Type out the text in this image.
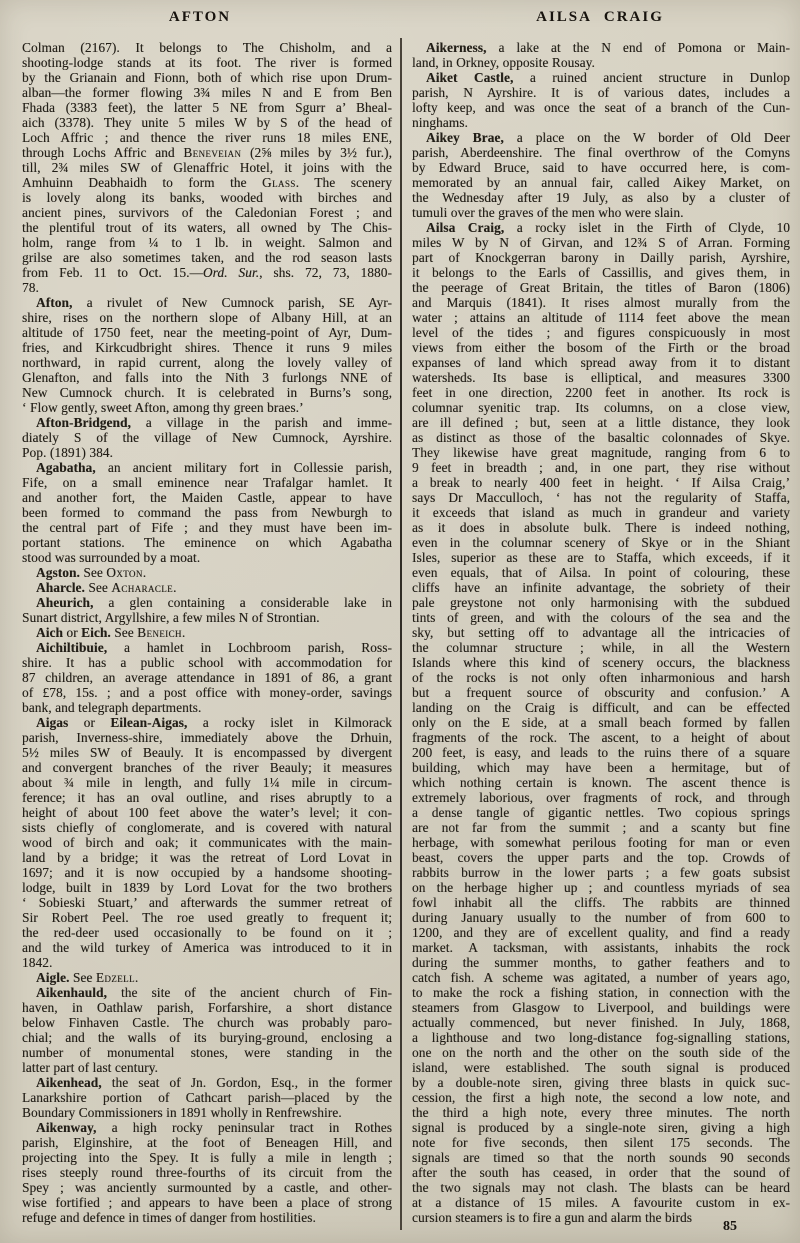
AFTON	AILSA CRAIG
Colman (2167). It belongs to The Chisholm, and a
shooting-lodge stands at its foot. The river is formed
by the Grianain and Fionn, both of which rise upon Drum-
alban—the former flowing 3¾ miles N and E from Ben
Fhada (3383 feet), the latter 5 NE from Sgurr a’ Bheal-
aich (3378). They unite 5 miles W by S of the head of
Loch Affric ; and thence the river runs 18 miles ENE,
through Lochs Affric and Beneveian (2⅝ miles by 3½ fur.),
till, 2¾ miles SW of Glenaffric Hotel, it joins with the
Amhuinn Deabhaidh to form the Glass. The scenery
is lovely along its banks, wooded with birches and
ancient pines, survivors of the Caledonian Forest ; and
the plentiful trout of its waters, all owned by The Chis-
holm, range from ¼ to 1 lb. in weight. Salmon and
grilse are also sometimes taken, and the rod season lasts
from Feb. 11 to Oct. 15.—Ord. Sur., shs. 72, 73, 1880-
78.
Afton, a rivulet of New Cumnock parish, SE Ayr-
shire, rises on the northern slope of Albany Hill, at an
altitude of 1750 feet, near the meeting-point of Ayr, Dum-
fries, and Kirkcudbright shires. Thence it runs 9 miles
northward, in rapid current, along the lovely valley of
Glenafton, and falls into the Nith 3 furlongs NNE of
New Cumnock church. It is celebrated in Burns’s song,
‘ Flow gently, sweet Afton, among thy green braes.’
Afton-Bridgend, a village in the parish and imme-
diately S of the village of New Cumnock, Ayrshire.
Pop. (1891) 384.
Agabatha, an ancient military fort in Collessie parish,
Fife, on a small eminence near Trafalgar hamlet. It
and another fort, the Maiden Castle, appear to have
been formed to command the pass from Newburgh to
the central part of Fife ; and they must have been im-
portant stations. The eminence on which Agabatha
stood was surrounded by a moat.
Agston. See Oxton.
Aharcle. See Acharacle.
Aheurich, a glen containing a considerable lake in
Sunart district, Argyllshire, a few miles N of Strontian.
Aich or Eich. See Beneich.
Aichiltibuie, a hamlet in Lochbroom parish, Ross-
shire. It has a public school with accommodation for
87 children, an average attendance in 1891 of 86, a grant
of £78, 15s. ; and a post office with money-order, savings
bank, and telegraph departments.
Aigas or Eilean-Aigas, a rocky islet in Kilmorack
parish, Inverness-shire, immediately above the Drhuin,
5½ miles SW of Beauly. It is encompassed by divergent
and convergent branches of the river Beauly; it measures
about ¾ mile in length, and fully 1¼ mile in circum-
ference; it has an oval outline, and rises abruptly to a
height of about 100 feet above the water’s level; it con-
sists chiefly of conglomerate, and is covered with natural
wood of birch and oak; it communicates with the main-
land by a bridge; it was the retreat of Lord Lovat in
1697; and it is now occupied by a handsome shooting-
lodge, built in 1839 by Lord Lovat for the two brothers
‘ Sobieski Stuart,’ and afterwards the summer retreat of
Sir Robert Peel. The roe used greatly to frequent it;
the red-deer used occasionally to be found on it ;
and the wild turkey of America was introduced to it in
1842.
Aigle. See Edzell.
Aikenhauld, the site of the ancient church of Fin-
haven, in Oathlaw parish, Forfarshire, a short distance
below Finhaven Castle. The church was probably paro-
chial; and the walls of its burying-ground, enclosing a
number of monumental stones, were standing in the
latter part of last century.
Aikenhead, the seat of Jn. Gordon, Esq., in the former
Lanarkshire portion of Cathcart parish—placed by the
Boundary Commissioners in 1891 wholly in Renfrewshire.
Aikenway, a high rocky peninsular tract in Rothes
parish, Elginshire, at the foot of Beneagen Hill, and
projecting into the Spey. It is fully a mile in length ;
rises steeply round three-fourths of its circuit from the
Spey ; was anciently surmounted by a castle, and other-
wise fortified ; and appears to have been a place of strong
refuge and defence in times of danger from hostilities.
Aikerness, a lake at the N end of Pomona or Main-
land, in Orkney, opposite Rousay.
Aiket Castle, a ruined ancient structure in Dunlop
parish, N Ayrshire. It is of various dates, includes a
lofty keep, and was once the seat of a branch of the Cun-
ninghams.
Aikey Brae, a place on the W border of Old Deer
parish, Aberdeenshire. The final overthrow of the Comyns
by Edward Bruce, said to have occurred here, is com-
memorated by an annual fair, called Aikey Market, on
the Wednesday after 19 July, as also by a cluster of
tumuli over the graves of the men who were slain.
Ailsa Craig, a rocky islet in the Firth of Clyde, 10
miles W by N of Girvan, and 12¾ S of Arran. Forming
part of Knockgerran barony in Dailly parish, Ayrshire,
it belongs to the Earls of Cassillis, and gives them, in
the peerage of Great Britain, the titles of Baron (1806)
and Marquis (1841). It rises almost murally from the
water ; attains an altitude of 1114 feet above the mean
level of the tides ; and figures conspicuously in most
views from either the bosom of the Firth or the broad
expanses of land which spread away from it to distant
watersheds. Its base is elliptical, and measures 3300
feet in one direction, 2200 feet in another. Its rock is
columnar syenitic trap. Its columns, on a close view,
are ill defined ; but, seen at a little distance, they look
as distinct as those of the basaltic colonnades of Skye.
They likewise have great magnitude, ranging from 6 to
9 feet in breadth ; and, in one part, they rise without
a break to nearly 400 feet in height. ‘ If Ailsa Craig,’
says Dr Macculloch, ‘ has not the regularity of Staffa,
it exceeds that island as much in grandeur and variety
as it does in absolute bulk. There is indeed nothing,
even in the columnar scenery of Skye or in the Shiant
Isles, superior as these are to Staffa, which exceeds, if it
even equals, that of Ailsa. In point of colouring, these
cliffs have an infinite advantage, the sobriety of their
pale greystone not only harmonising with the subdued
tints of green, and with the colours of the sea and the
sky, but setting off to advantage all the intricacies of
the columnar structure ; while, in all the Western
Islands where this kind of scenery occurs, the blackness
of the rocks is not only often inharmonious and harsh
but a frequent source of obscurity and confusion.’ A
landing on the Craig is difficult, and can be effected
only on the E side, at a small beach formed by fallen
fragments of the rock. The ascent, to a height of about
200 feet, is easy, and leads to the ruins there of a square
building, which may have been a hermitage, but of
which nothing certain is known. The ascent thence is
extremely laborious, over fragments of rock, and through
a dense tangle of gigantic nettles. Two copious springs
are not far from the summit ; and a scanty but fine
herbage, with somewhat perilous footing for man or even
beast, covers the upper parts and the top. Crowds of
rabbits burrow in the lower parts ; a few goats subsist
on the herbage higher up ; and countless myriads of sea
fowl inhabit all the cliffs. The rabbits are thinned
during January usually to the number of from 600 to
1200, and they are of excellent quality, and find a ready
market. A tacksman, with assistants, inhabits the rock
during the summer months, to gather feathers and to
catch fish. A scheme was agitated, a number of years ago,
to make the rock a fishing station, in connection with the
steamers from Glasgow to Liverpool, and buildings were
actually commenced, but never finished. In July, 1868,
a lighthouse and two long-distance fog-signalling stations,
one on the north and the other on the south side of the
island, were established. The south signal is produced
by a double-note siren, giving three blasts in quick suc-
cession, the first a high note, the second a low note, and
the third a high note, every three minutes. The north
signal is produced by a single-note siren, giving a high
note for five seconds, then silent 175 seconds. The
signals are timed so that the north sounds 90 seconds
after the south has ceased, in order that the sound of
the two signals may not clash. The blasts can be heard
at a distance of 15 miles. A favourite custom in ex-
cursion steamers is to fire a gun and alarm the birds
85
